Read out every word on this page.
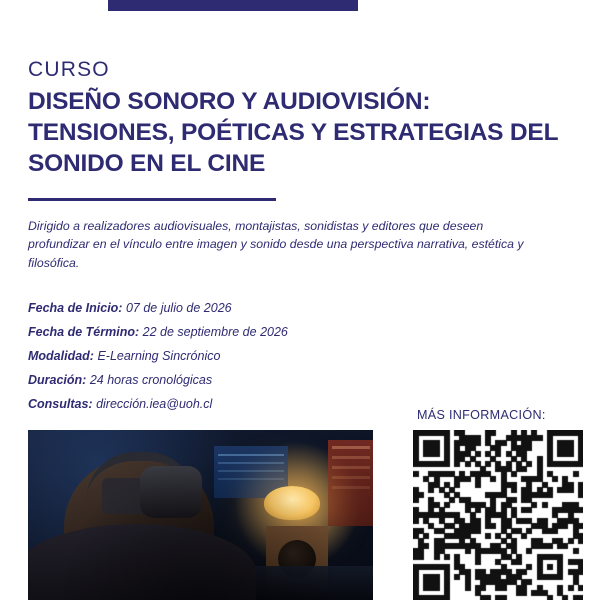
CURSO
DISEÑO SONORO Y AUDIOVISIÓN: TENSIONES, POÉTICAS Y ESTRATEGIAS DEL SONIDO EN EL CINE

Dirigido a realizadores audiovisuales, montajistas, sonidistas y editores que deseen profundizar en el vínculo entre imagen y sonido desde una perspectiva narrativa, estética y filosófica.

Fecha de Inicio: 07 de julio de 2026
Fecha de Término: 22 de septiembre de 2026
Modalidad: E-Learning Sincrónico
Duración: 24 horas cronológicas
Consultas: dirección.iea@uoh.cl
MÁS INFORMACIÓN:
